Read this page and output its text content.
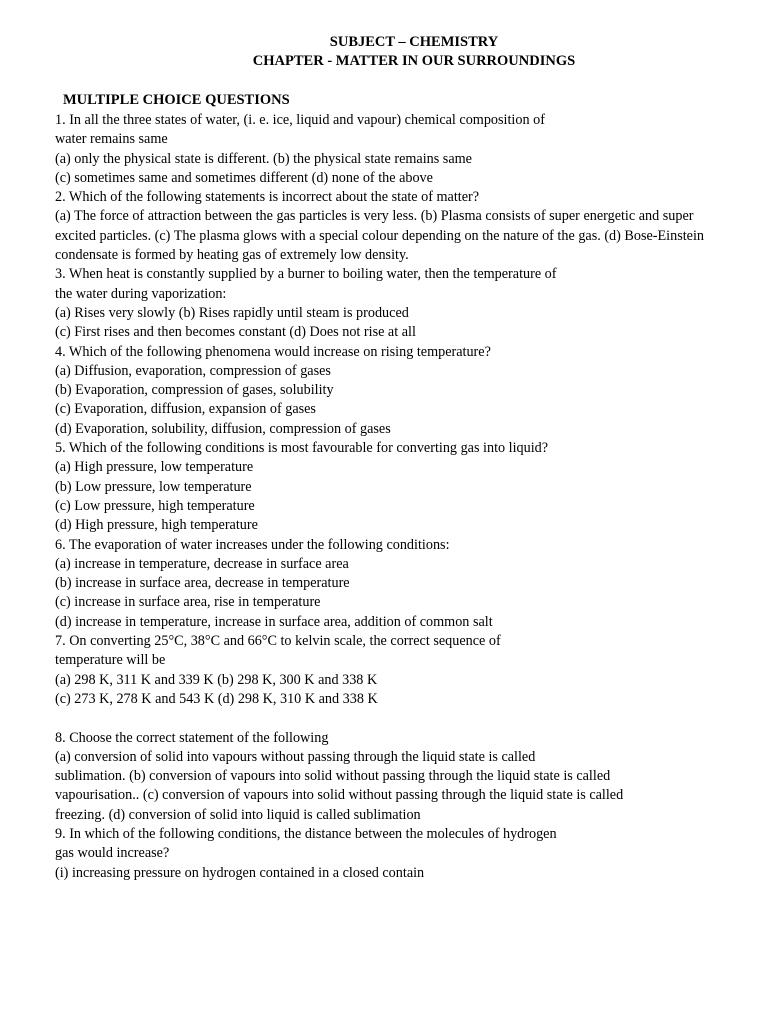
SUBJECT – CHEMISTRY
CHAPTER - MATTER IN OUR SURROUNDINGS
MULTIPLE CHOICE QUESTIONS
1. In all the three states of water, (i. e. ice, liquid and vapour) chemical composition of
water remains same
(a) only the physical state is different. (b) the physical state remains same
(c) sometimes same and sometimes different (d) none of the above
2. Which of the following statements is incorrect about the state of matter?
(a) The force of attraction between the gas particles is very less. (b) Plasma consists of super energetic and super
excited particles. (c) The plasma glows with a special colour depending on the nature of the gas. (d) Bose-Einstein
condensate is formed by heating gas of extremely low density.
3. When heat is constantly supplied by a burner to boiling water, then the temperature of
the water during vaporization:
(a) Rises very slowly (b) Rises rapidly until steam is produced
(c) First rises and then becomes constant (d) Does not rise at all
4. Which of the following phenomena would increase on rising temperature?
(a) Diffusion, evaporation, compression of gases
(b) Evaporation, compression of gases, solubility
(c) Evaporation, diffusion, expansion of gases
(d) Evaporation, solubility, diffusion, compression of gases
5. Which of the following conditions is most favourable for converting gas into liquid?
(a) High pressure, low temperature
(b) Low pressure, low temperature
(c) Low pressure, high temperature
(d) High pressure, high temperature
6. The evaporation of water increases under the following conditions:
(a) increase in temperature, decrease in surface area
(b) increase in surface area, decrease in temperature
(c) increase in surface area, rise in temperature
(d) increase in temperature, increase in surface area, addition of common salt
7. On converting 25°C, 38°C and 66°C to kelvin scale, the correct sequence of
temperature will be
(a) 298 K, 311 K and 339 K (b) 298 K, 300 K and 338 K
(c) 273 K, 278 K and 543 K (d) 298 K, 310 K and 338 K
8. Choose the correct statement of the following
(a) conversion of solid into vapours without passing through the liquid state is called
sublimation. (b) conversion of vapours into solid without passing through the liquid state is called
vapourisation.. (c) conversion of vapours into solid without passing through the liquid state is called
freezing. (d) conversion of solid into liquid is called sublimation
9. In which of the following conditions, the distance between the molecules of hydrogen
gas would increase?
(i) increasing pressure on hydrogen contained in a closed contain
